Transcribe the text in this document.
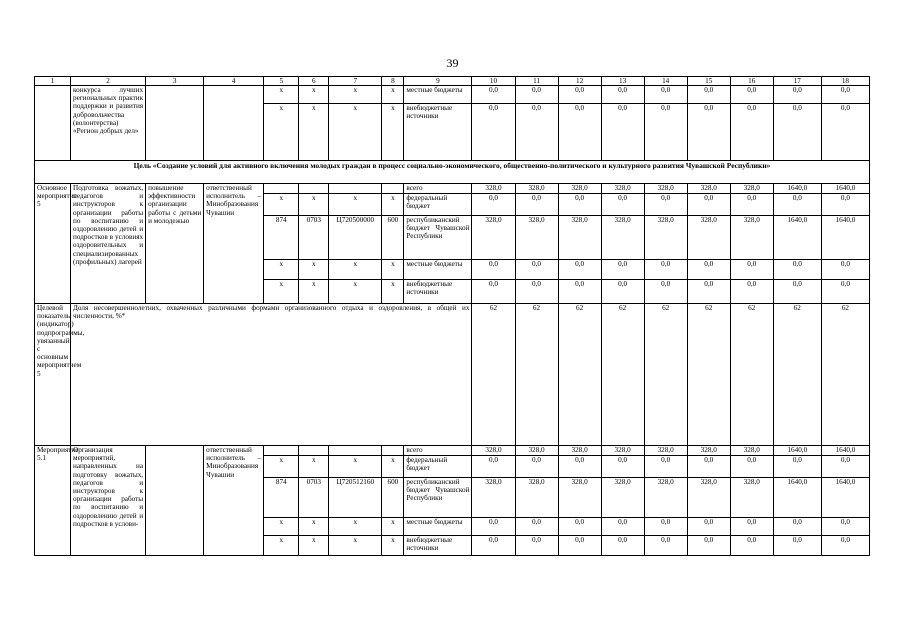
39
1	2	3	4	5	6	7	8	9	10	11	12	13	14	15	16	17	18
	конкурса лучших региональных практик поддержки и развития добровольчества (волонтерства) «Регион добрых дел»			х	х	х	х	местные бюджеты	0,0	0,0	0,0	0,0	0,0	0,0	0,0	0,0	0,0
				х	х	х	х	внебюджетные источники	0,0	0,0	0,0	0,0	0,0	0,0	0,0	0,0	0,0
Цель «Создание условий для активного включения молодых граждан в процесс социально-экономического, общественно-политического и культурного развития Чувашской Республики»																	
Основное мероприятие 5	Подготовка вожатых, педагогов и инструкторов к организации работы по воспитанию и оздоровлению детей и подростков в условиях оздоровительных и специализированных (профильных) лагерей	повышение эффективности организации работы с детьми и молодежью	ответственный исполнитель – Минобразования Чувашии					всего	328,0	328,0	328,0	328,0	328,0	328,0	328,0	1640,0	1640,0
				х	х	х	х	федеральный бюджет	0,0	0,0	0,0	0,0	0,0	0,0	0,0	0,0	0,0
				874	0703	Ц720500000	600	республиканский бюджет Чувашской Республики	328,0	328,0	328,0	328,0	328,0	328,0	328,0	1640,0	1640,0
				х	х	х	х	местные бюджеты	0,0	0,0	0,0	0,0	0,0	0,0	0,0	0,0	0,0
				х	х	х	х	внебюджетные источники	0,0	0,0	0,0	0,0	0,0	0,0	0,0	0,0	0,0
Целевой показатель (индикатор) подпрограммы, увязанный с основным мероприятием 5	Доля несовершеннолетних, охваченных различными формами организованного отдыха и оздоровления, в общей их численности, %*								62	62	62	62	62	62	62	62	62
Мероприятие 5.1	Организация мероприятий, направленных на подготовку вожатых, педагогов и инструкторов к организации работы по воспитанию и оздоровлению детей и подростков в услови-		ответственный исполнитель – Минобразования Чувашии					всего	328,0	328,0	328,0	328,0	328,0	328,0	328,0	1640,0	1640,0
				х	х	х	х	федеральный бюджет	0,0	0,0	0,0	0,0	0,0	0,0	0,0	0,0	0,0
				874	0703	Ц720512160	600	республиканский бюджет Чувашской Республики	328,0	328,0	328,0	328,0	328,0	328,0	328,0	1640,0	1640,0
				х	х	х	х	местные бюджеты	0,0	0,0	0,0	0,0	0,0	0,0	0,0	0,0	0,0
				х	х	х	х	внебюджетные источники	0,0	0,0	0,0	0,0	0,0	0,0	0,0	0,0	0,0
